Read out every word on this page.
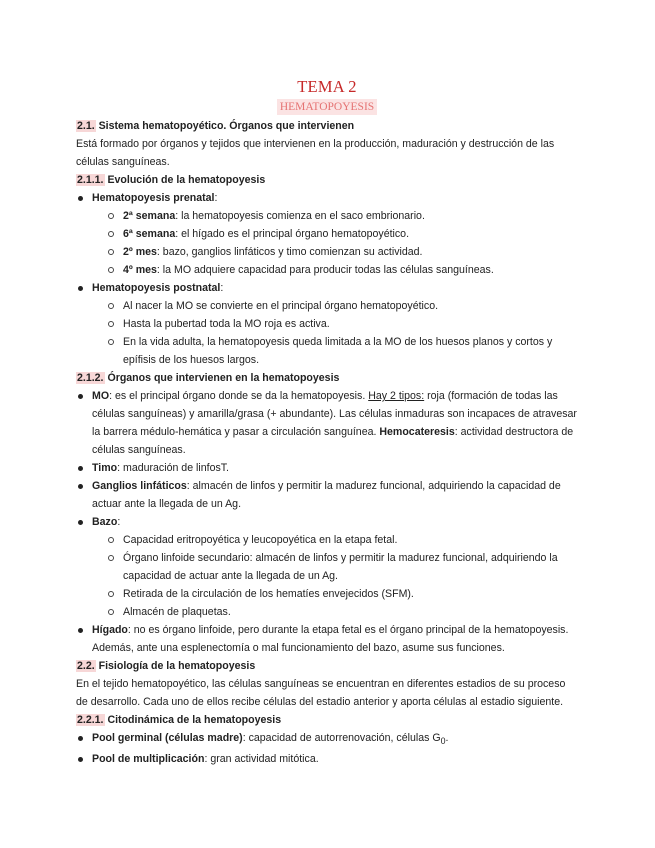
TEMA 2
HEMATOPOYESIS
2.1. Sistema hematopoyético. Órganos que intervienen
Está formado por órganos y tejidos que intervienen en la producción, maduración y destrucción de las células sanguíneas.
2.1.1. Evolución de la hematopoyesis
Hematopoyesis prenatal:
2ª semana: la hematopoyesis comienza en el saco embrionario.
6ª semana: el hígado es el principal órgano hematopoyético.
2º mes: bazo, ganglios linfáticos y timo comienzan su actividad.
4º mes: la MO adquiere capacidad para producir todas las células sanguíneas.
Hematopoyesis postnatal:
Al nacer la MO se convierte en el principal órgano hematopoyético.
Hasta la pubertad toda la MO roja es activa.
En la vida adulta, la hematopoyesis queda limitada a la MO de los huesos planos y cortos y epífisis de los huesos largos.
2.1.2. Órganos que intervienen en la hematopoyesis
MO: es el principal órgano donde se da la hematopoyesis. Hay 2 tipos: roja (formación de todas las células sanguíneas) y amarilla/grasa (+ abundante). Las células inmaduras son incapaces de atravesar la barrera médulo-hemática y pasar a circulación sanguínea. Hemocateresis: actividad destructora de células sanguíneas.
Timo: maduración de linfosT.
Ganglios linfáticos: almacén de linfos y permitir la madurez funcional, adquiriendo la capacidad de actuar ante la llegada de un Ag.
Bazo:
Capacidad eritropoyética y leucopoyética en la etapa fetal.
Órgano linfoide secundario: almacén de linfos y permitir la madurez funcional, adquiriendo la capacidad de actuar ante la llegada de un Ag.
Retirada de la circulación de los hematíes envejecidos (SFM).
Almacén de plaquetas.
Hígado: no es órgano linfoide, pero durante la etapa fetal es el órgano principal de la hematopoyesis. Además, ante una esplenectomía o mal funcionamiento del bazo, asume sus funciones.
2.2. Fisiología de la hematopoyesis
En el tejido hematopoyético, las células sanguíneas se encuentran en diferentes estadios de su proceso de desarrollo. Cada uno de ellos recibe células del estadio anterior y aporta células al estadio siguiente.
2.2.1. Citodinámica de la hematopoyesis
Pool germinal (células madre): capacidad de autorrenovación, células $G_0$.
Pool de multiplicación: gran actividad mitótica.
